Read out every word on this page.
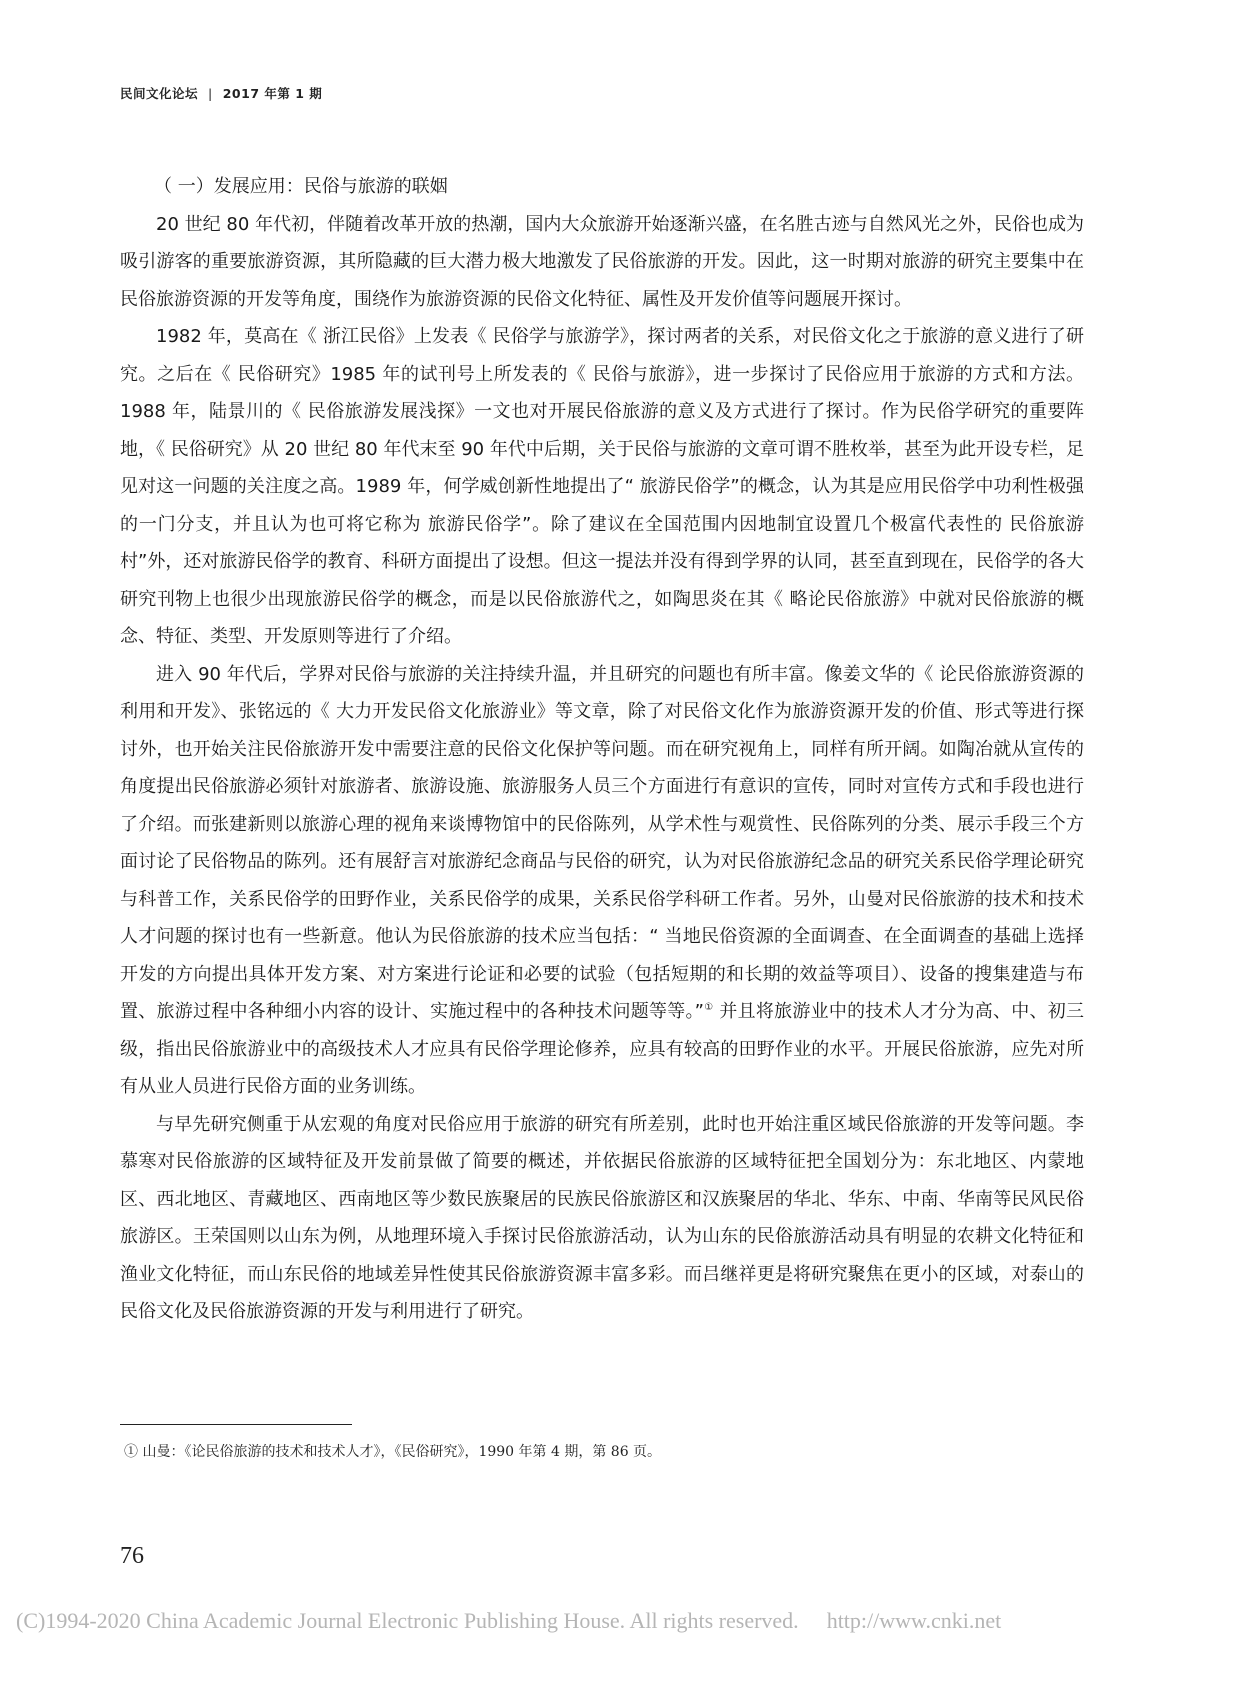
民间文化论坛 | 2017 年第 1 期

（ 一）发展应用：民俗与旅游的联姻

20 世纪 80 年代初，伴随着改革开放的热潮，国内大众旅游开始逐渐兴盛，在名胜古迹与自然风光之外，民俗也成为吸引游客的重要旅游资源，其所隐藏的巨大潜力极大地激发了民俗旅游的开发。因此，这一时期对旅游的研究主要集中在民俗旅游资源的开发等角度，围绕作为旅游资源的民俗文化特征、属性及开发价值等问题展开探讨。

1982 年，莫高在《 浙江民俗》上发表《 民俗学与旅游学》，探讨两者的关系，对民俗文化之于旅游的意义进行了研究。之后在《 民俗研究》1985 年的试刊号上所发表的《 民俗与旅游》，进一步探讨了民俗应用于旅游的方式和方法。1988 年，陆景川的《 民俗旅游发展浅探》一文也对开展民俗旅游的意义及方式进行了探讨。作为民俗学研究的重要阵地，《 民俗研究》从 20 世纪 80 年代末至 90 年代中后期，关于民俗与旅游的文章可谓不胜枚举，甚至为此开设专栏，足见对这一问题的关注度之高。1989 年，何学威创新性地提出了“ 旅游民俗学”的概念，认为其是应用民俗学中功利性极强的一门分支，并且认为也可将它称为 旅游民俗学”。除了建议在全国范围内因地制宜设置几个极富代表性的 民俗旅游村”外，还对旅游民俗学的教育、科研方面提出了设想。但这一提法并没有得到学界的认同，甚至直到现在，民俗学的各大研究刊物上也很少出现旅游民俗学的概念，而是以民俗旅游代之，如陶思炎在其《 略论民俗旅游》中就对民俗旅游的概念、特征、类型、开发原则等进行了介绍。

进入 90 年代后，学界对民俗与旅游的关注持续升温，并且研究的问题也有所丰富。像姜文华的《 论民俗旅游资源的利用和开发》、张铭远的《 大力开发民俗文化旅游业》等文章，除了对民俗文化作为旅游资源开发的价值、形式等进行探讨外，也开始关注民俗旅游开发中需要注意的民俗文化保护等问题。而在研究视角上，同样有所开阔。如陶冶就从宣传的角度提出民俗旅游必须针对旅游者、旅游设施、旅游服务人员三个方面进行有意识的宣传，同时对宣传方式和手段也进行了介绍。而张建新则以旅游心理的视角来谈博物馆中的民俗陈列，从学术性与观赏性、民俗陈列的分类、展示手段三个方面讨论了民俗物品的陈列。还有展舒言对旅游纪念商品与民俗的研究，认为对民俗旅游纪念品的研究关系民俗学理论研究与科普工作，关系民俗学的田野作业，关系民俗学的成果，关系民俗学科研工作者。另外，山曼对民俗旅游的技术和技术人才问题的探讨也有一些新意。他认为民俗旅游的技术应当包括：“ 当地民俗资源的全面调查、在全面调查的基础上选择开发的方向提出具体开发方案、对方案进行论证和必要的试验（包括短期的和长期的效益等项目）、设备的搜集建造与布置、旅游过程中各种细小内容的设计、实施过程中的各种技术问题等等。”① 并且将旅游业中的技术人才分为高、中、初三级，指出民俗旅游业中的高级技术人才应具有民俗学理论修养，应具有较高的田野作业的水平。开展民俗旅游，应先对所有从业人员进行民俗方面的业务训练。

与早先研究侧重于从宏观的角度对民俗应用于旅游的研究有所差别，此时也开始注重区域民俗旅游的开发等问题。李慕寒对民俗旅游的区域特征及开发前景做了简要的概述，并依据民俗旅游的区域特征把全国划分为：东北地区、内蒙地区、西北地区、青藏地区、西南地区等少数民族聚居的民族民俗旅游区和汉族聚居的华北、华东、中南、华南等民风民俗旅游区。王荣国则以山东为例，从地理环境入手探讨民俗旅游活动，认为山东的民俗旅游活动具有明显的农耕文化特征和渔业文化特征，而山东民俗的地域差异性使其民俗旅游资源丰富多彩。而吕继祥更是将研究聚焦在更小的区域，对泰山的民俗文化及民俗旅游资源的开发与利用进行了研究。

① 山曼：《论民俗旅游的技术和技术人才》，《民俗研究》，1990 年第 4 期，第 86 页。
76
(C)1994-2020 China Academic Journal Electronic Publishing House. All rights reserved. http://www.cnki.net
